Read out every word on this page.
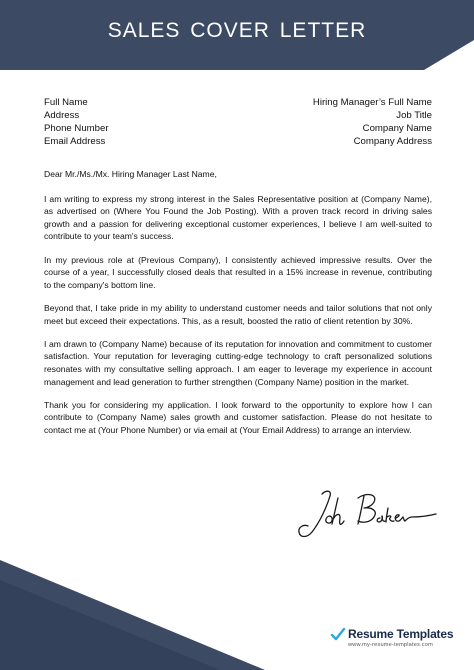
SALES COVER LETTER
Full Name
Address
Phone Number
Email Address
Hiring Manager’s Full Name
Job Title
Company Name
Company Address

Dear Mr./Ms./Mx. Hiring Manager Last Name,

I am writing to express my strong interest in the Sales Representative position at (Company Name), as advertised on (Where You Found the Job Posting). With a proven track record in driving sales growth and a passion for delivering exceptional customer experiences, I believe I am well-suited to contribute to your team's success.

In my previous role at (Previous Company), I consistently achieved impressive results. Over the course of a year, I successfully closed deals that resulted in a 15% increase in revenue, contributing to the company's bottom line.

Beyond that, I take pride in my ability to understand customer needs and tailor solutions that not only meet but exceed their expectations. This, as a result, boosted the ratio of client retention by 30%.

I am drawn to (Company Name) because of its reputation for innovation and commitment to customer satisfaction. Your reputation for leveraging cutting-edge technology to craft personalized solutions resonates with my consultative selling approach. I am eager to leverage my experience in account management and lead generation to further strengthen (Company Name) position in the market.

Thank you for considering my application. I look forward to the opportunity to explore how I can contribute to (Company Name) sales growth and customer satisfaction. Please do not hesitate to contact me at (Your Phone Number) or via email at (Your Email Address) to arrange an interview.

Resume Templates
www.my-resume-templates.com
